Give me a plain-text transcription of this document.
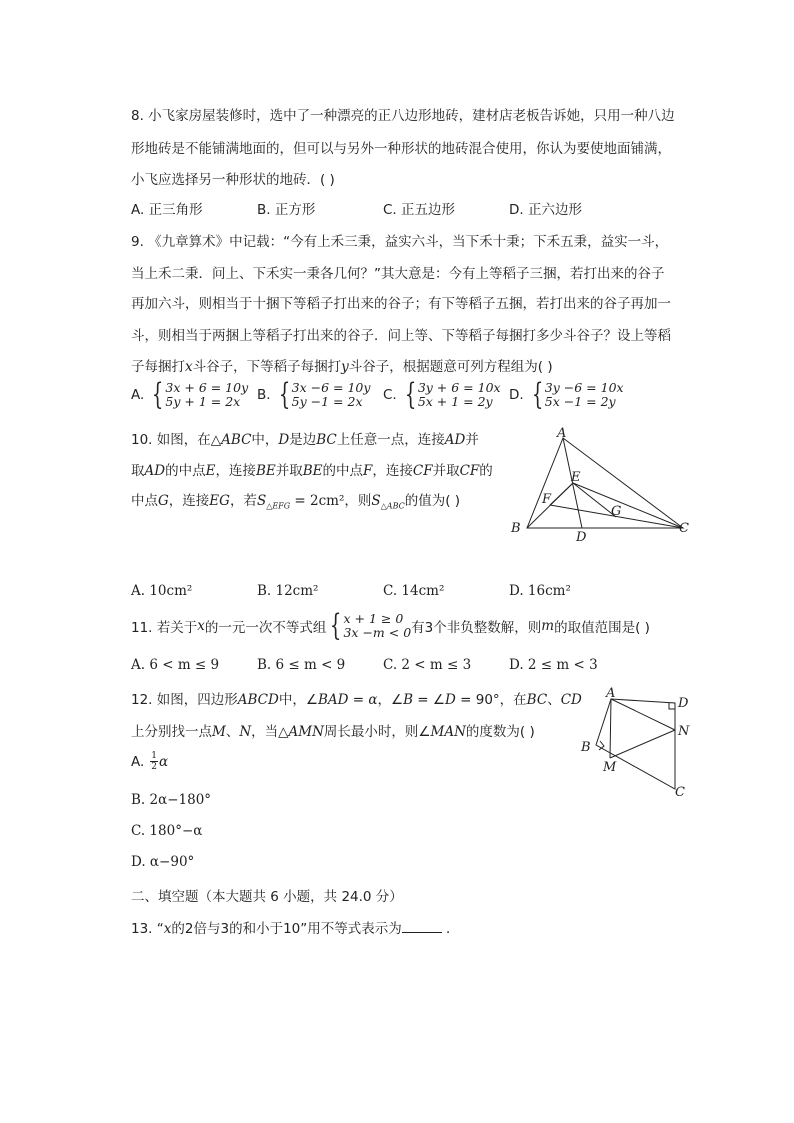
8. 小飞家房屋装修时，选中了一种漂亮的正八边形地砖，建材店老板告诉她，只用一种八边
形地砖是不能铺满地面的，但可以与另外一种形状的地砖混合使用，你认为要使地面铺满，
小飞应选择另一种形状的地砖．( )
A. 正三角形	B. 正方形	C. 正五边形	D. 正六边形
9. 《九章算术》中记载：“今有上禾三秉，益实六斗，当下禾十秉；下禾五秉，益实一斗，
当上禾二秉．问上、下禾实一秉各几何？”其大意是：今有上等稻子三捆，若打出来的谷子
再加六斗，则相当于十捆下等稻子打出来的谷子；有下等稻子五捆，若打出来的谷子再加一
斗，则相当于两捆上等稻子打出来的谷子．问上等、下等稻子每捆打多少斗谷子？设上等稻
子每捆打x斗谷子，下等稻子每捆打y斗谷子，根据题意可列方程组为( )
A. { 3x + 6 = 10y
5y + 1 = 2x	B. { 3x −6 = 10y
5y −1 = 2x	C. { 3y + 6 = 10x
5x + 1 = 2y	D. { 3y −6 = 10x
5x −1 = 2y
10. 如图，在△ABC中，D是边BC上任意一点，连接AD并
取AD的中点E，连接BE并取BE的中点F，连接CF并取CF的
中点G，连接EG，若$S_{\triangle EFG} = 2cm^2$，则$S_{\triangle ABC}$的值为( )
A
B	C
D
E
F
G
A. 10cm²	B. 12cm²	C. 14cm²	D. 16cm²
11. 若关于 x 的一元一次不等式组 { x + 1 ≥ 0
3x −m < 0 有3个非负整数解，则 m 的取值范围是( )
A. 6 < m ≤ 9	B. 6 ≤ m < 9	C. 2 < m ≤ 3	D. 2 ≤ m < 3
12. 如图，四边形ABCD中，∠BAD = α，∠B = ∠D = 90°，在BC、CD
上分别找一点M、N，当△AMN周长最小时，则∠MAN的度数为( )
A
D
N
B
M
C
A. 1
2 α
B. 2α−180°
C. 180°−α
D. α−90°
二、填空题（本大题共 6 小题，共 24.0 分）
13. “x的2倍与3的和小于10”用不等式表示为	．
